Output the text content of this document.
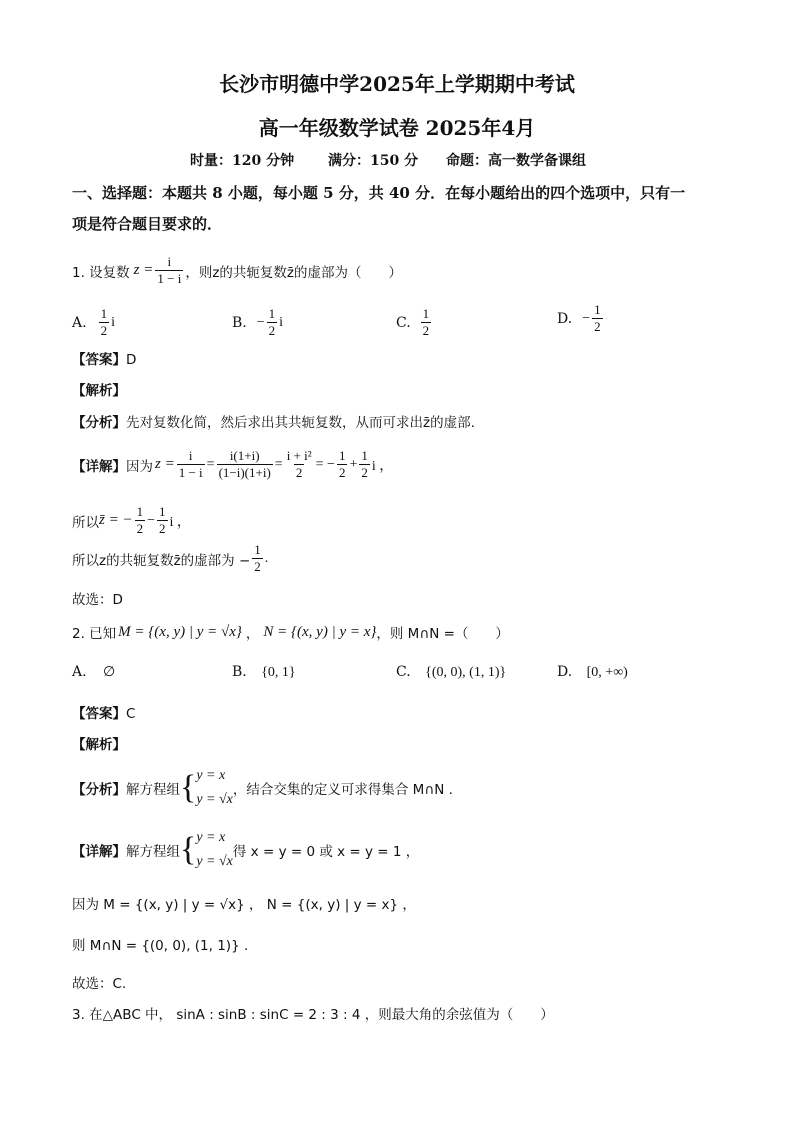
长沙市明德中学2025年上学期期中考试
高一年级数学试卷 2025年4月
时量：120 分钟 满分：150 分 命题：高一数学备课组
一、选择题：本题共 8 小题，每小题 5 分，共 40 分．在每小题给出的四个选项中，只有一
项是符合题目要求的．
1. 设复数 $z = \frac{i}{1 - i}$ ，则z的共轭复数z̄的虚部为（　　）
A. $\frac{1}{2}$ i	B. − $\frac{1}{2}$ i	C. $\frac{1}{2}$	D. − $\frac{1}{2}$
【答案】D
【解析】
【分析】先对复数化简，然后求出其共轭复数，从而可求出z̄的虚部.
【详解】 因为 $z = \frac{i}{1 - i} = \frac{i(1+i)}{(1-i)(1+i)} = \frac{\text{i + i²}}{2}$ = − $\frac{1}{2} + \frac{1}{2}$ i ，
所以 z̄ = − $\frac{1}{2} - \frac{1}{2}$ i ，
所以z的共轭复数z̄的虚部为 − $\frac{1}{2}$ .
故选：D
2. 已知 M = {(x, y) | y = √x} ， N = {(x, y) | y = x} ，则 M∩N =（　　）
A. ∅	B. {0, 1}	C. {(0, 0), (1, 1)}	D. [0, +∞)
【答案】C
【解析】
【分析】 解方程组 { y = x
y = √x
，结合交集的定义可求得集合 M∩N .
【详解】 解方程组 { y = x
y = √x
得 x = y = 0 或 x = y = 1 ，
因为 M = {(x, y) | y = √x} ， N = {(x, y) | y = x} ，
则 M∩N = {(0, 0), (1, 1)} .
故选：C.
3. 在△ABC 中， sinA : sinB : sinC = 2 : 3 : 4 ，则最大角的余弦值为（　　）
